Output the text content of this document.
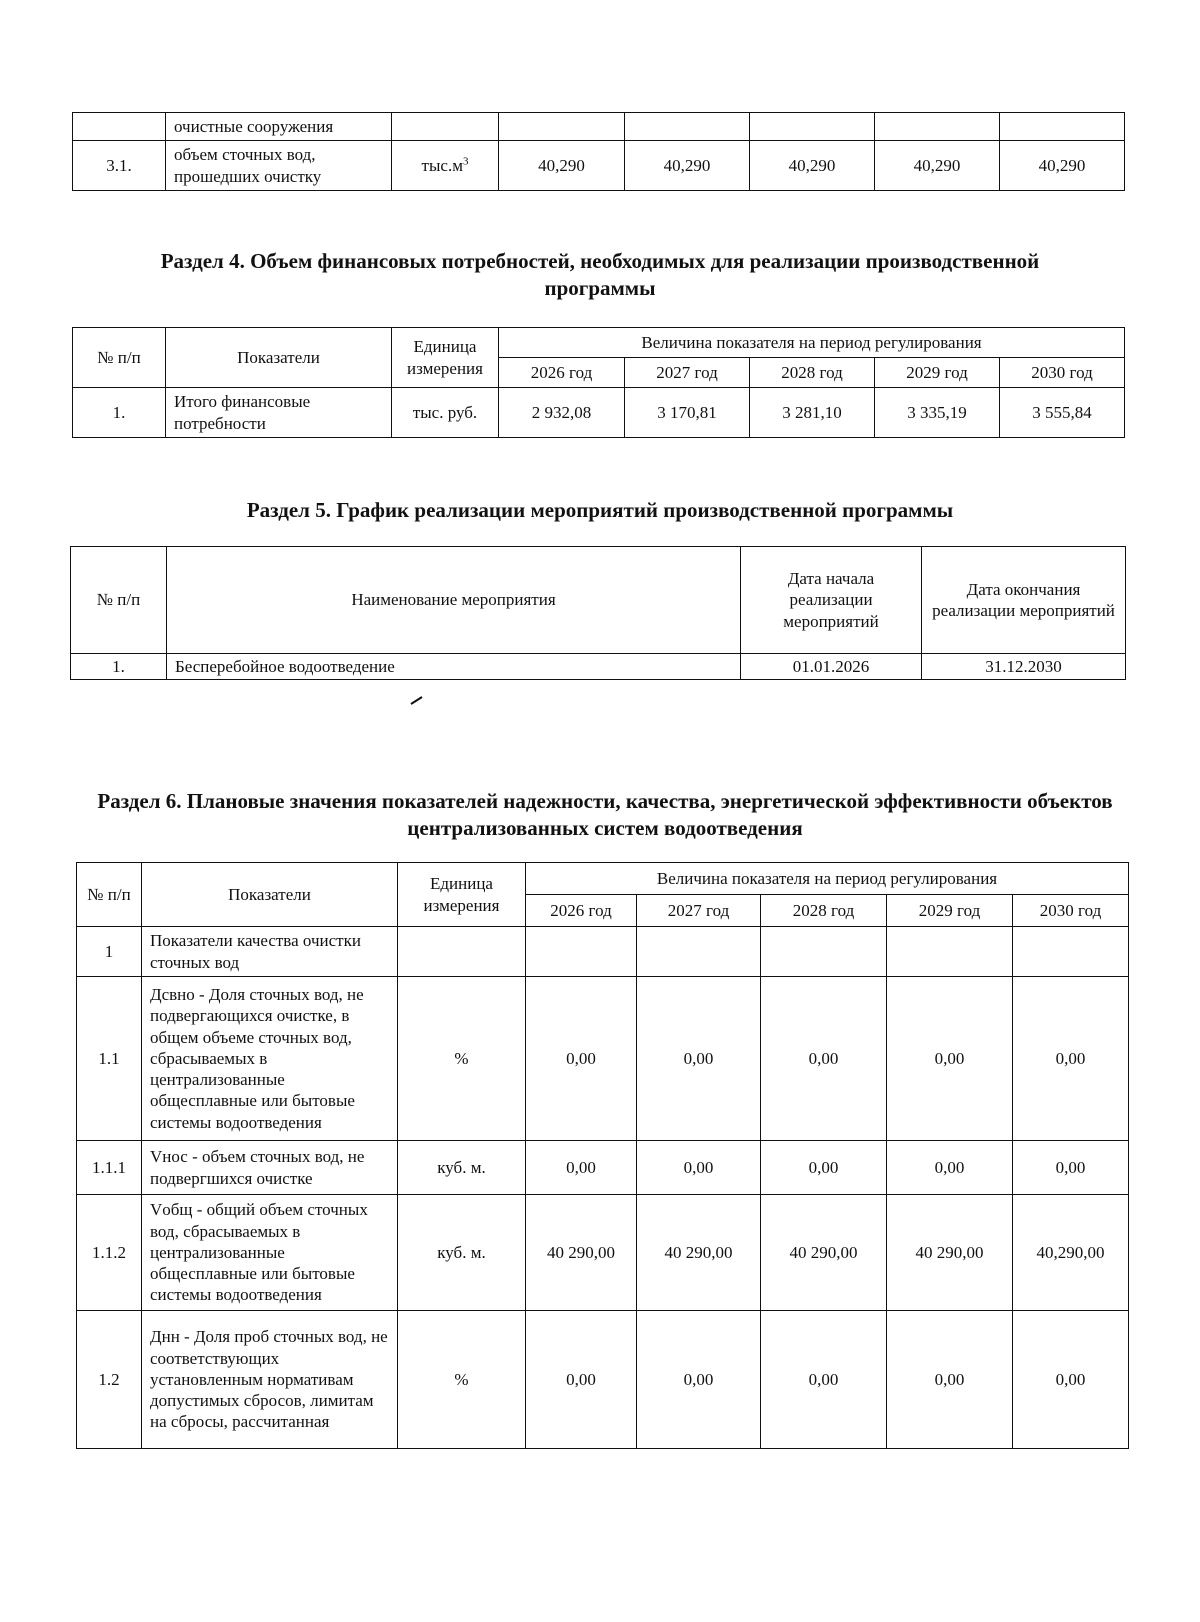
	очистные сооружения						
3.1.	объем сточных вод, прошедших очистку	$тыс.м^3$	40,290	40,290	40,290	40,290	40,290
Раздел 4. Объем финансовых потребностей, необходимых для реализации производственной программы
№ п/п	Показатели	Единица измерения	Величина показателя на период регулирования				
			2026 год	2027 год	2028 год	2029 год	2030 год
1.	Итого финансовые потребности	тыс. руб.	2 932,08	3 170,81	3 281,10	3 335,19	3 555,84
Раздел 5. График реализации мероприятий производственной программы
№ п/п	Наименование мероприятия	Дата начала реализации мероприятий	Дата окончания реализации мероприятий
1.	Бесперебойное водоотведение	01.01.2026	31.12.2030
Раздел 6. Плановые значения показателей надежности, качества, энергетической эффективности объектов централизованных систем водоотведения
№ п/п	Показатели	Единица измерения	Величина показателя на период регулирования				
			2026 год	2027 год	2028 год	2029 год	2030 год
1	Показатели качества очистки сточных вод						
1.1	Дсвно - Доля сточных вод, не подвергающихся очистке, в общем объеме сточных вод, сбрасываемых в централизованные общесплавные или бытовые системы водоотведения	%	0,00	0,00	0,00	0,00	0,00
1.1.1	Vнос - объем сточных вод, не подвергшихся очистке	куб. м.	0,00	0,00	0,00	0,00	0,00
1.1.2	Vобщ - общий объем сточных вод, сбрасываемых в централизованные общесплавные или бытовые системы водоотведения	куб. м.	40 290,00	40 290,00	40 290,00	40 290,00	40,290,00
1.2	Днн - Доля проб сточных вод, не соответствующих установленным нормативам допустимых сбросов, лимитам на сбросы, рассчитанная	%	0,00	0,00	0,00	0,00	0,00
